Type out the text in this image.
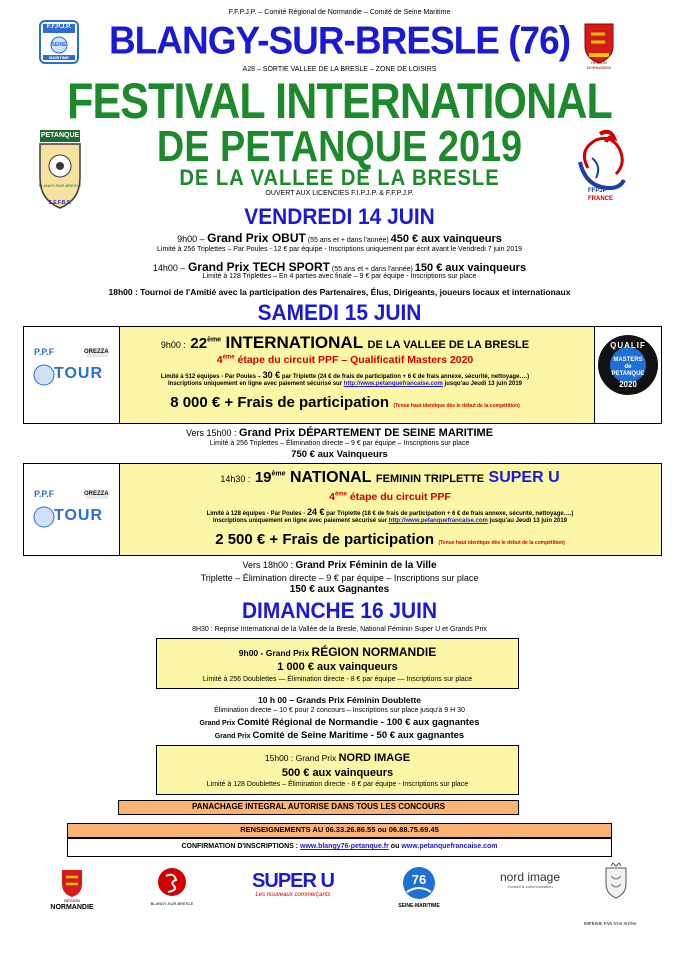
F.F.P.J.P. – Comité Régional de Normandie – Comité de Seine Maritime
BLANGY-SUR-BRESLE (76)
A28 – SORTIE VALLEE DE LA BRESLE – ZONE DE LOISIRS
FESTIVAL INTERNATIONAL
DE PETANQUE 2019
DE LA VALLEE DE LA BRESLE
OUVERT AUX LICENCIES F.I.P.J.P. & F.F.P.J.P.
F.F.P.J.P.
SEINE
MARITIME
RÉGION NORMANDIE
PETANQUE
BLANGY-SUR-BRESLE
S.E.F.B.S.
FFPJP
FRANCE
VENDREDI 14 JUIN
9h00 – Grand Prix OBUT (55 ans et + dans l'année) 450 € aux vainqueurs
Limité à 256 Triplettes – Par Poules - 12 € par équipe - Inscriptions uniquement par écrit avant le Vendredi 7 juin 2019
14h00 – Grand Prix TECH SPORT (55 ans et + dans l'année) 150 € aux vainqueurs
Limité à 128 Triplettes – En 4 parties avec finale – 9 € par équipe - Inscriptions sur place
18h00 : Tournoi de l'Amitié avec la participation des Partenaires, Élus, Dirigeants, joueurs locaux et internationaux
SAMEDI 15 JUIN
P.P.F
TOUR
OREZZA
QUALIF
MASTERS de PETANQUE
2020
9h00 : 22ème INTERNATIONAL DE LA VALLEE DE LA BRESLE
4ème étape du circuit PPF – Qualificatif Masters 2020
Limité à 512 équipes - Par Poules – 30 € par Triplette (24 € de frais de participation + 6 € de frais annexe, sécurité, nettoyage….)
Inscriptions uniquement en ligne avec paiement sécurisé sur http://www.petanquefrancaise.com jusqu'au Jeudi 13 juin 2019
8 000 € + Frais de participation (Tenue haut identique dès le début de la compétition)
Vers 15h00 : Grand Prix DÉPARTEMENT DE SEINE MARITIME
Limité à 256 Triplettes – Élimination directe – 9 € par équipe – Inscriptions sur place
750 € aux Vainqueurs
P.P.F
TOUR
OREZZA
14h30 : 19ème NATIONAL FEMININ TRIPLETTE SUPER U
4ème étape du circuit PPF
Limité à 128 équipes - Par Poules - 24 € par Triplette (18 € de frais de participation + 6 € de frais annexe, sécurité, nettoyage….)
Inscriptions uniquement en ligne avec paiement sécurisé sur http://www.petanquefrancaise.com jusqu'au Jeudi 13 juin 2019
2 500 € + Frais de participation (Tenue haut identique dès le début de la compétition)
Vers 18h00 : Grand Prix Féminin de la Ville
Triplette – Élimination directe – 9 € par équipe – Inscriptions sur place
150 € aux Gagnantes
DIMANCHE 16 JUIN
8H30 : Reprise International de la Vallée de la Bresle, National Féminin Super U et Grands Prix
9h00 - Grand Prix RÉGION NORMANDIE
1 000 € aux vainqueurs
Limité à 256 Doublettes — Élimination directe - 8 € par équipe — Inscriptions sur place
10 h 00 – Grands Prix Féminin Doublette
Élimination directe – 10 € pour 2 concours – Inscriptions sur place jusqu'à 9 H 30
Grand Prix Comité Régional de Normandie - 100 € aux gagnantes
Grand Prix Comité de Seine Maritime - 50 € aux gagnantes
15h00 : Grand Prix NORD IMAGE
500 € aux vainqueurs
Limité à 128 Doublettes – Élimination directe - 8 € par équipe - Inscriptions sur place
PANACHAGE INTEGRAL AUTORISE DANS TOUS LES CONCOURS
RENSEIGNEMENTS AU 06.33.26.86.55 ou 06.88.75.69.45
CONFIRMATION D'INSCRIPTIONS : www.blangy76-petanque.fr ou www.petanquefrancaise.com
RÉGION
NORMANDIE
BLANGY-SUR-BRESLE
SUPER U
Les nouveaux commerçants
76
SEINE-MARITIME
nord image
Conseil & communication
IMPRIME PAR NOS SOINS
